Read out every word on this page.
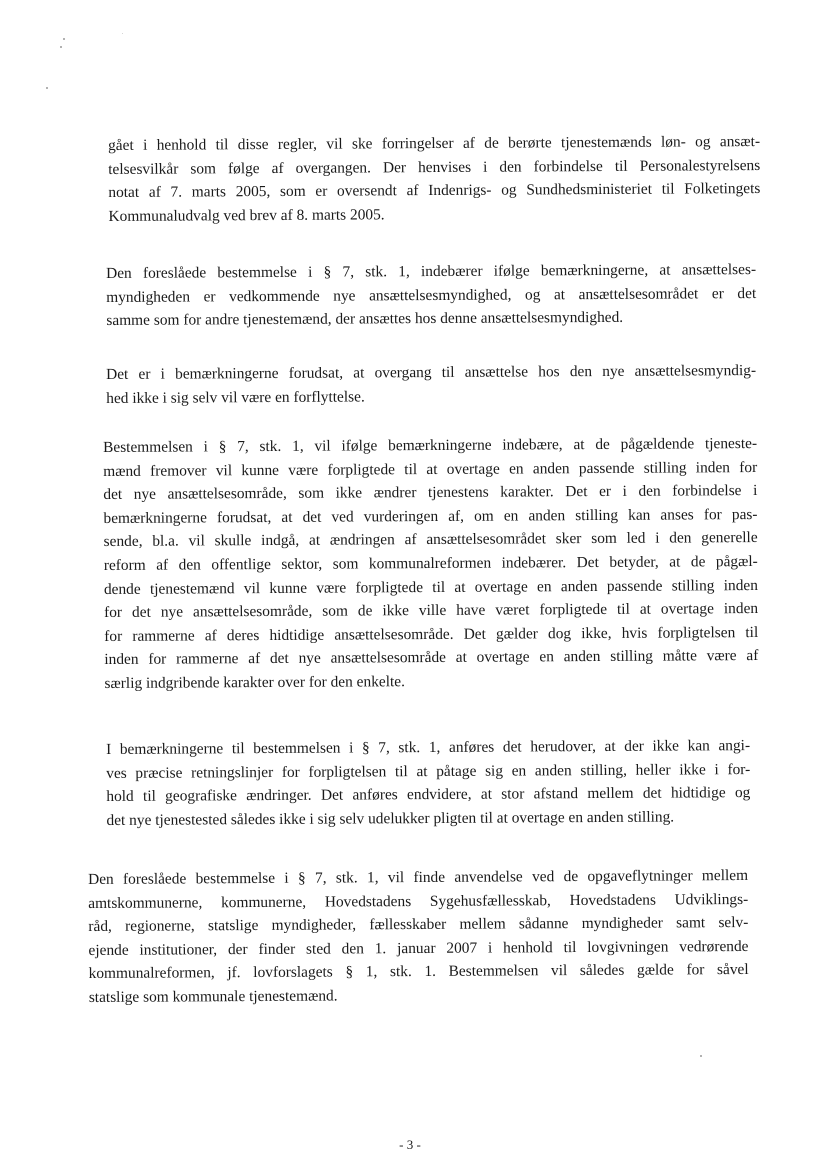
gået i henhold til disse regler, vil ske forringelser af de berørte tjenestemænds løn- og ansæt-
telsesvilkår som følge af overgangen. Der henvises i den forbindelse til Personalestyrelsens
notat af 7. marts 2005, som er oversendt af Indenrigs- og Sundhedsministeriet til Folketingets
Kommunaludvalg ved brev af 8. marts 2005.
Den foreslåede bestemmelse i § 7, stk. 1, indebærer ifølge bemærkningerne, at ansættelses-
myndigheden er vedkommende nye ansættelsesmyndighed, og at ansættelsesområdet er det
samme som for andre tjenestemænd, der ansættes hos denne ansættelsesmyndighed.
Det er i bemærkningerne forudsat, at overgang til ansættelse hos den nye ansættelsesmyndig-
hed ikke i sig selv vil være en forflyttelse.
Bestemmelsen i § 7, stk. 1, vil ifølge bemærkningerne indebære, at de pågældende tjeneste-
mænd fremover vil kunne være forpligtede til at overtage en anden passende stilling inden for
det nye ansættelsesområde, som ikke ændrer tjenestens karakter. Det er i den forbindelse i
bemærkningerne forudsat, at det ved vurderingen af, om en anden stilling kan anses for pas-
sende, bl.a. vil skulle indgå, at ændringen af ansættelsesområdet sker som led i den generelle
reform af den offentlige sektor, som kommunalreformen indebærer. Det betyder, at de pågæl-
dende tjenestemænd vil kunne være forpligtede til at overtage en anden passende stilling inden
for det nye ansættelsesområde, som de ikke ville have været forpligtede til at overtage inden
for rammerne af deres hidtidige ansættelsesområde. Det gælder dog ikke, hvis forpligtelsen til
inden for rammerne af det nye ansættelsesområde at overtage en anden stilling måtte være af
særlig indgribende karakter over for den enkelte.
I bemærkningerne til bestemmelsen i § 7, stk. 1, anføres det herudover, at der ikke kan angi-
ves præcise retningslinjer for forpligtelsen til at påtage sig en anden stilling, heller ikke i for-
hold til geografiske ændringer. Det anføres endvidere, at stor afstand mellem det hidtidige og
det nye tjenestested således ikke i sig selv udelukker pligten til at overtage en anden stilling.
Den foreslåede bestemmelse i § 7, stk. 1, vil finde anvendelse ved de opgaveflytninger mellem
amtskommunerne, kommunerne, Hovedstadens Sygehusfællesskab, Hovedstadens Udviklings-
råd, regionerne, statslige myndigheder, fællesskaber mellem sådanne myndigheder samt selv-
ejende institutioner, der finder sted den 1. januar 2007 i henhold til lovgivningen vedrørende
kommunalreformen, jf. lovforslagets § 1, stk. 1. Bestemmelsen vil således gælde for såvel
statslige som kommunale tjenestemænd.
- 3 -
